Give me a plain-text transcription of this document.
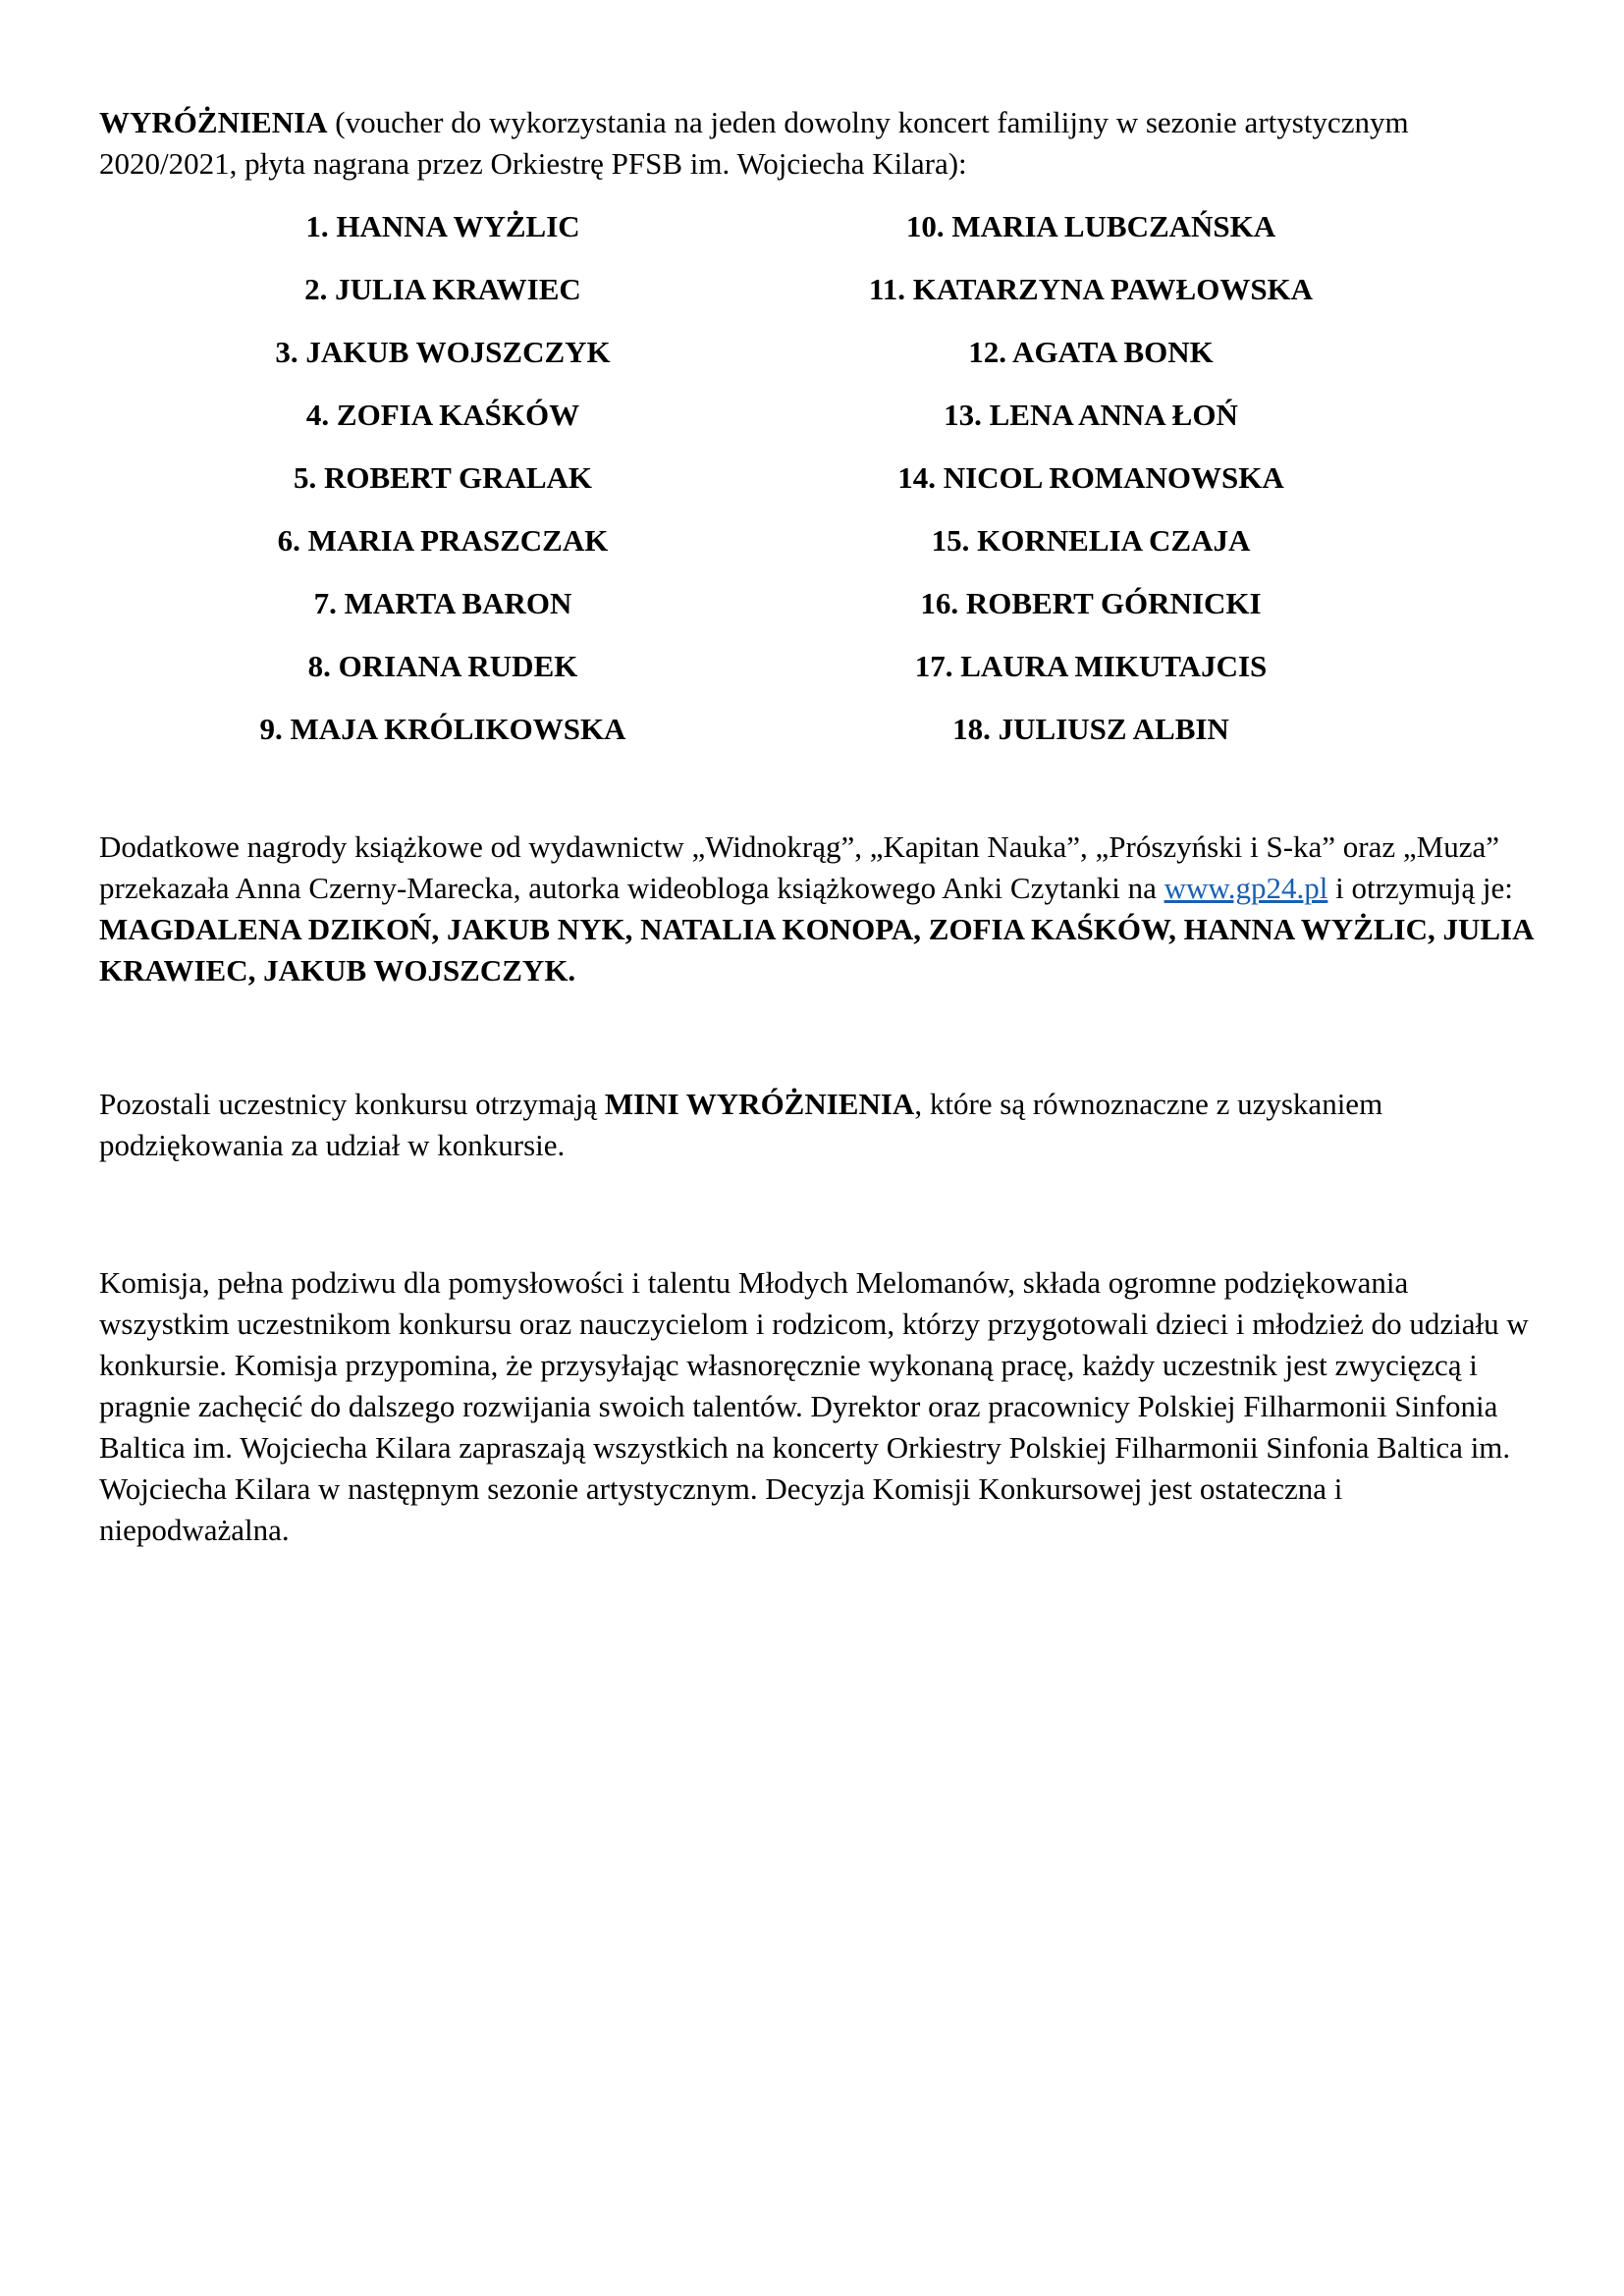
WYRÓŻNIENIA (voucher do wykorzystania na jeden dowolny koncert familijny w sezonie artystycznym 2020/2021, płyta nagrana przez Orkiestrę PFSB im. Wojciecha Kilara):

1. HANNA WYŻLIC
2. JULIA KRAWIEC
3. JAKUB WOJSZCZYK
4. ZOFIA KAŚKÓW
5. ROBERT GRALAK
6. MARIA PRASZCZAK
7. MARTA BARON
8. ORIANA RUDEK
9. MAJA KRÓLIKOWSKA
10. MARIA LUBCZAŃSKA
11. KATARZYNA PAWŁOWSKA
12. AGATA BONK
13. LENA ANNA ŁOŃ
14. NICOL ROMANOWSKA
15. KORNELIA CZAJA
16. ROBERT GÓRNICKI
17. LAURA MIKUTAJCIS
18. JULIUSZ ALBIN

Dodatkowe nagrody książkowe od wydawnictw „Widnokrąg”, „Kapitan Nauka”, „Prószyński i S-ka” oraz „Muza” przekazała Anna Czerny-Marecka, autorka wideobloga książkowego Anki Czytanki na www.gp24.pl i otrzymują je: MAGDALENA DZIKOŃ, JAKUB NYK, NATALIA KONOPA, ZOFIA KAŚKÓW, HANNA WYŻLIC, JULIA KRAWIEC, JAKUB WOJSZCZYK.

Pozostali uczestnicy konkursu otrzymają MINI WYRÓŻNIENIA, które są równoznaczne z uzyskaniem podziękowania za udział w konkursie.

Komisja, pełna podziwu dla pomysłowości i talentu Młodych Melomanów, składa ogromne podziękowania wszystkim uczestnikom konkursu oraz nauczycielom i rodzicom, którzy przygotowali dzieci i młodzież do udziału w konkursie. Komisja przypomina, że przysyłając własnoręcznie wykonaną pracę, każdy uczestnik jest zwycięzcą i pragnie zachęcić do dalszego rozwijania swoich talentów. Dyrektor oraz pracownicy Polskiej Filharmonii Sinfonia Baltica im. Wojciecha Kilara zapraszają wszystkich na koncerty Orkiestry Polskiej Filharmonii Sinfonia Baltica im. Wojciecha Kilara w następnym sezonie artystycznym. Decyzja Komisji Konkursowej jest ostateczna i niepodważalna.
